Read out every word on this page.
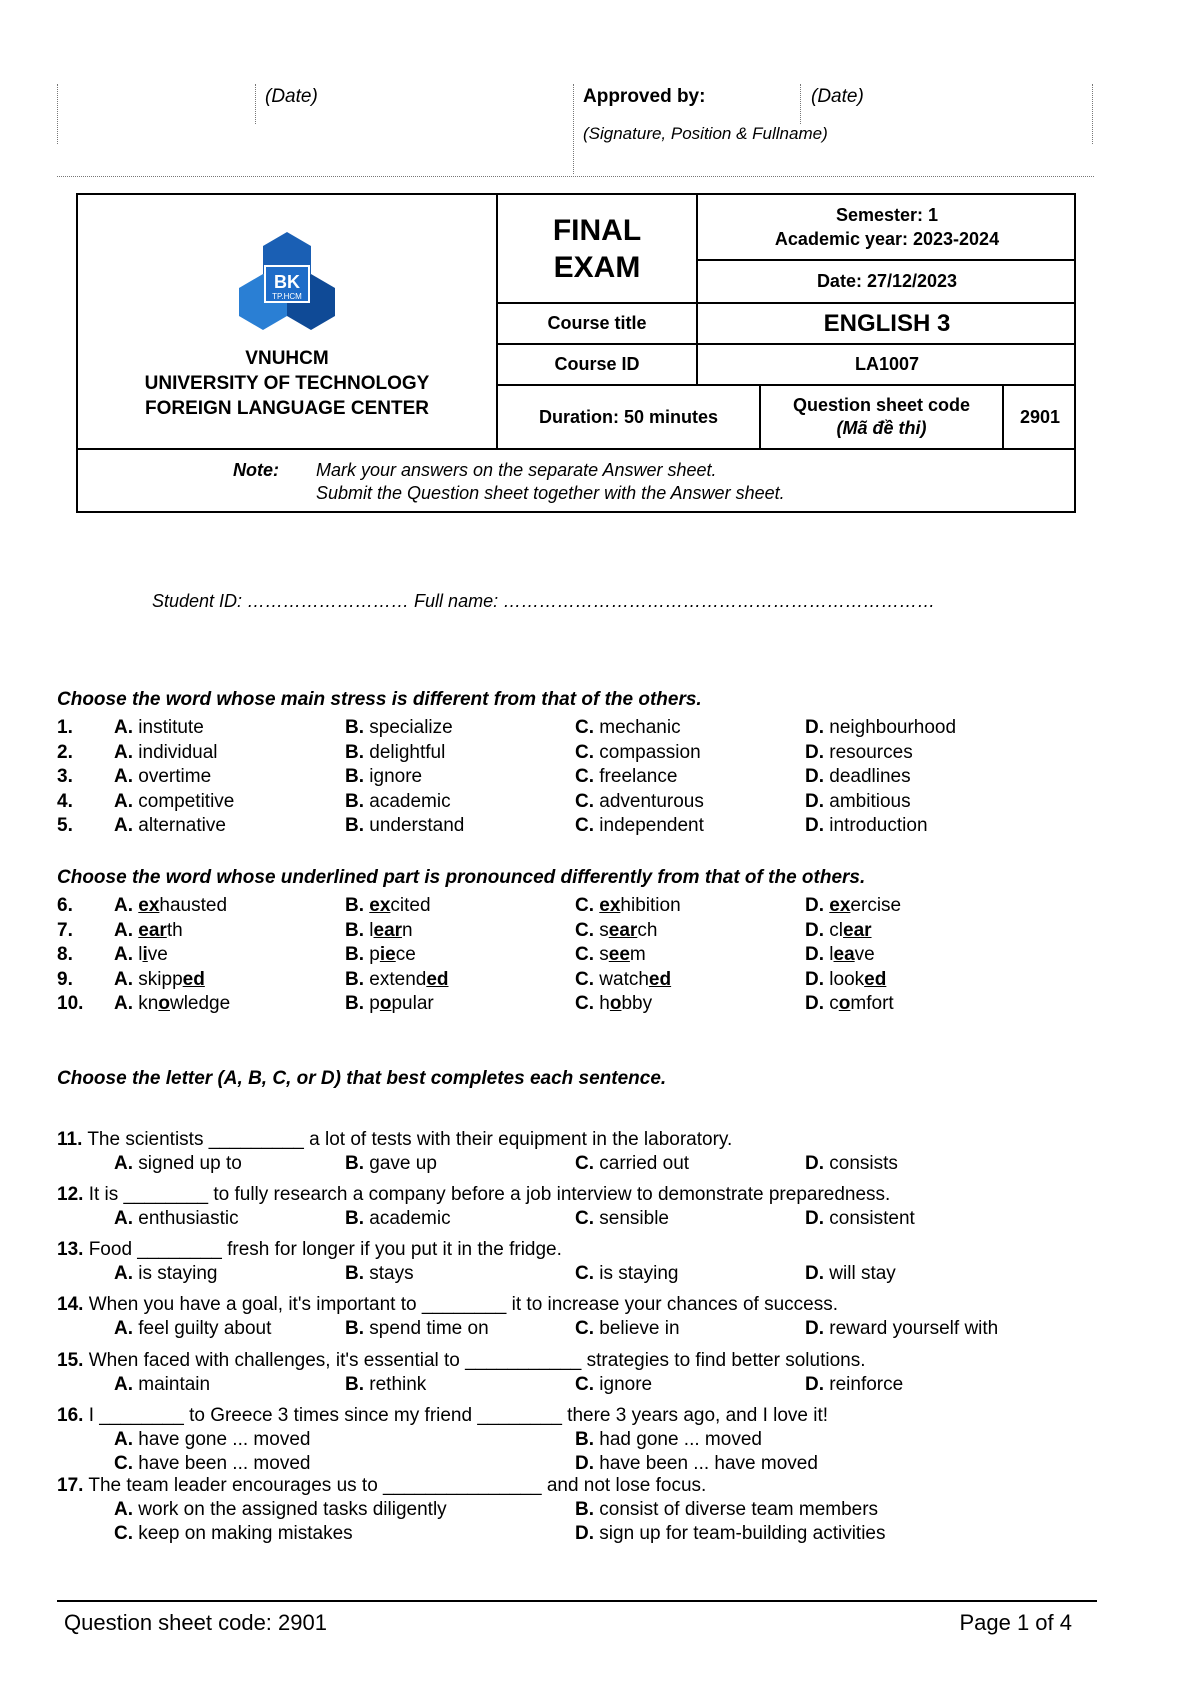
(Date)	Approved by:	(Date)
(Signature, Position & Fullname)
BK
TP.HCM
VNUHCM
UNIVERSITY OF TECHNOLOGY
FOREIGN LANGUAGE CENTER
FINAL
EXAM
Semester: 1
Academic year: 2023-2024
Date: 27/12/2023
Course title	ENGLISH 3
Course ID	LA1007
Duration: 50 minutes
Question sheet code
(Mã đề thi)
2901
Note: Mark your answers on the separate Answer sheet.
Submit the Question sheet together with the Answer sheet.
Student ID: ……………………… Full name: ………………………………………………………………
Choose the word whose main stress is different from that of the others.
1. A. institute	B. specialize	C. mechanic	D. neighbourhood
2. A. individual	B. delightful	C. compassion	D. resources
3. A. overtime	B. ignore	C. freelance	D. deadlines
4. A. competitive	B. academic	C. adventurous	D. ambitious
5. A. alternative	B. understand	C. independent	D. introduction
Choose the word whose underlined part is pronounced differently from that of the others.
6. A. exhausted	B. excited	C. exhibition	D. exercise
7. A. earth	B. learn	C. search	D. clear
8. A. live	B. piece	C. seem	D. leave
9. A. skipped	B. extended	C. watched	D. looked
10. A. knowledge	B. popular	C. hobby	D. comfort
Choose the letter (A, B, C, or D) that best completes each sentence.
11. The scientists _________ a lot of tests with their equipment in the laboratory.
A. signed up to	B. gave up	C. carried out	D. consists
12. It is ________ to fully research a company before a job interview to demonstrate preparedness.
A. enthusiastic	B. academic	C. sensible	D. consistent
13. Food ________ fresh for longer if you put it in the fridge.
A. is staying	B. stays	C. is staying	D. will stay
14. When you have a goal, it's important to ________ it to increase your chances of success.
A. feel guilty about	B. spend time on	C. believe in	D. reward yourself with
15. When faced with challenges, it's essential to ___________ strategies to find better solutions.
A. maintain	B. rethink	C. ignore	D. reinforce
16. I ________ to Greece 3 times since my friend ________ there 3 years ago, and I love it!
A. have gone ... moved	B. had gone ... moved
C. have been ... moved	D. have been ... have moved
17. The team leader encourages us to _______________ and not lose focus.
A. work on the assigned tasks diligently	B. consist of diverse team members
C. keep on making mistakes	D. sign up for team-building activities
Question sheet code: 2901	Page 1 of 4
